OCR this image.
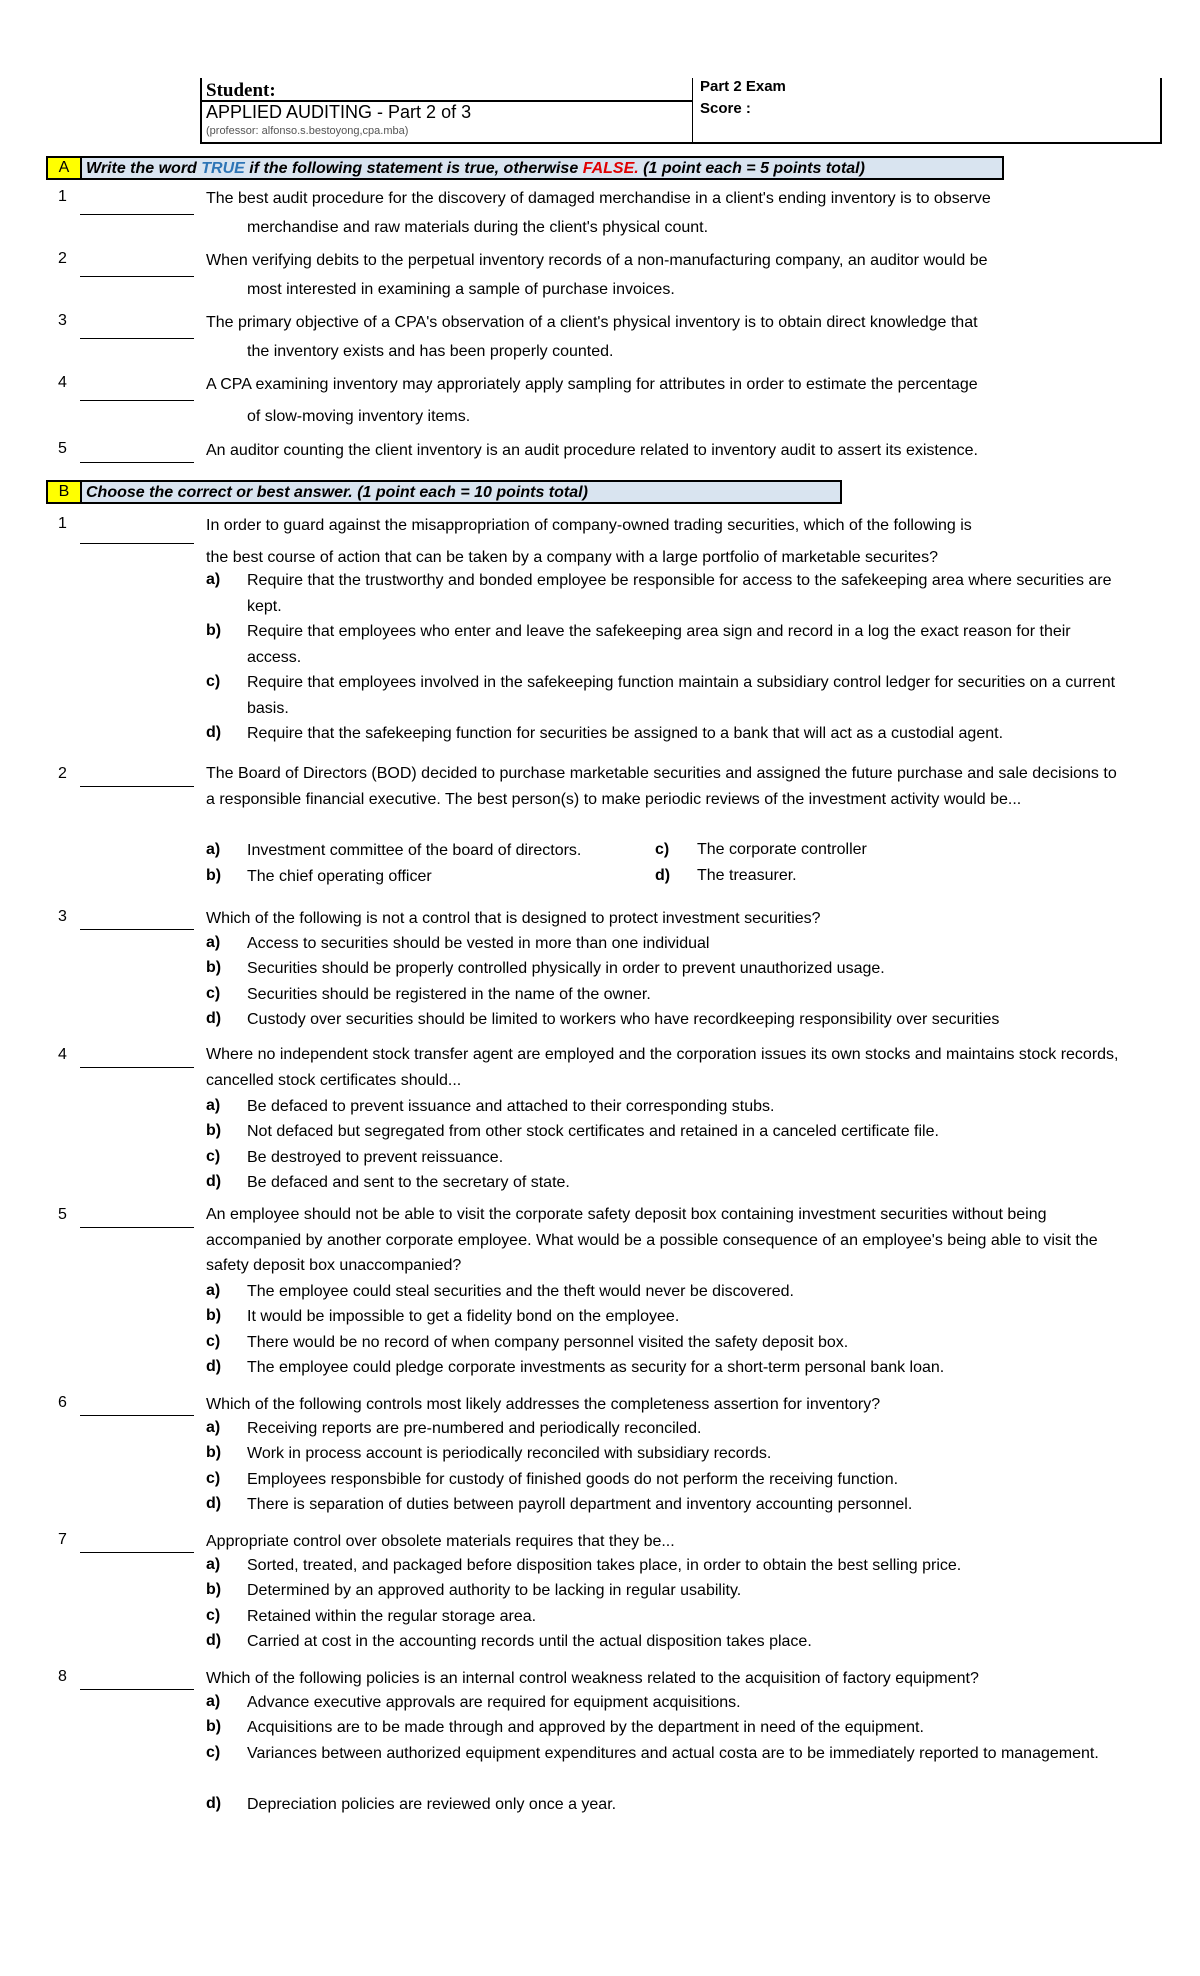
Student:
APPLIED AUDITING - Part 2 of 3
(professor: alfonso.s.bestoyong,cpa.mba)
Part 2 Exam
Score :
A	Write the word TRUE if the following statement is true, otherwise FALSE. (1 point each = 5 points total)
1	The best audit procedure for the discovery of damaged merchandise in a client's ending inventory is to observe
merchandise and raw materials during the client's physical count.
2	When verifying debits to the perpetual inventory records of a non-manufacturing company, an auditor would be
most interested in examining a sample of purchase invoices.
3	The primary objective of a CPA's observation of a client's physical inventory is to obtain direct knowledge that
the inventory exists and has been properly counted.
4	A CPA examining inventory may approriately apply sampling for attributes in order to estimate the percentage
of slow-moving inventory items.
5	An auditor counting the client inventory is an audit procedure related to inventory audit to assert its existence.
B	Choose the correct or best answer. (1 point each = 10 points total)
1	In order to guard against the misappropriation of company-owned trading securities, which of the following is
the best course of action that can be taken by a company with a large portfolio of marketable securites?
a) Require that the trustworthy and bonded employee be responsible for access to the safekeeping area where securities are kept.
b) Require that employees who enter and leave the safekeeping area sign and record in a log the exact reason for their access.
c) Require that employees involved in the safekeeping function maintain a subsidiary control ledger for securities on a current basis.
d) Require that the safekeeping function for securities be assigned to a bank that will act as a custodial agent.
2	The Board of Directors (BOD) decided to purchase marketable securities and assigned the future purchase and sale decisions to a responsible financial executive. The best person(s) to make periodic reviews of the investment activity would be...
a) Investment committee of the board of directors.
b) The chief operating officer
c) The corporate controller
d) The treasurer.
3	Which of the following is not a control that is designed to protect investment securities?
a) Access to securities should be vested in more than one individual
b) Securities should be properly controlled physically in order to prevent unauthorized usage.
c) Securities should be registered in the name of the owner.
d) Custody over securities should be limited to workers who have recordkeeping responsibility over securities
4	Where no independent stock transfer agent are employed and the corporation issues its own stocks and maintains stock records, cancelled stock certificates should...
a) Be defaced to prevent issuance and attached to their corresponding stubs.
b) Not defaced but segregated from other stock certificates and retained in a canceled certificate file.
c) Be destroyed to prevent reissuance.
d) Be defaced and sent to the secretary of state.
5	An employee should not be able to visit the corporate safety deposit box containing investment securities without being accompanied by another corporate employee. What would be a possible consequence of an employee's being able to visit the safety deposit box unaccompanied?
a) The employee could steal securities and the theft would never be discovered.
b) It would be impossible to get a fidelity bond on the employee.
c) There would be no record of when company personnel visited the safety deposit box.
d) The employee could pledge corporate investments as security for a short-term personal bank loan.
6	Which of the following controls most likely addresses the completeness assertion for inventory?
a) Receiving reports are pre-numbered and periodically reconciled.
b) Work in process account is periodically reconciled with subsidiary records.
c) Employees responsbible for custody of finished goods do not perform the receiving function.
d) There is separation of duties between payroll department and inventory accounting personnel.
7	Appropriate control over obsolete materials requires that they be...
a) Sorted, treated, and packaged before disposition takes place, in order to obtain the best selling price.
b) Determined by an approved authority to be lacking in regular usability.
c) Retained within the regular storage area.
d) Carried at cost in the accounting records until the actual disposition takes place.
8	Which of the following policies is an internal control weakness related to the acquisition of factory equipment?
a) Advance executive approvals are required for equipment acquisitions.
b) Acquisitions are to be made through and approved by the department in need of the equipment.
c) Variances between authorized equipment expenditures and actual costa are to be immediately reported to management.
d) Depreciation policies are reviewed only once a year.
